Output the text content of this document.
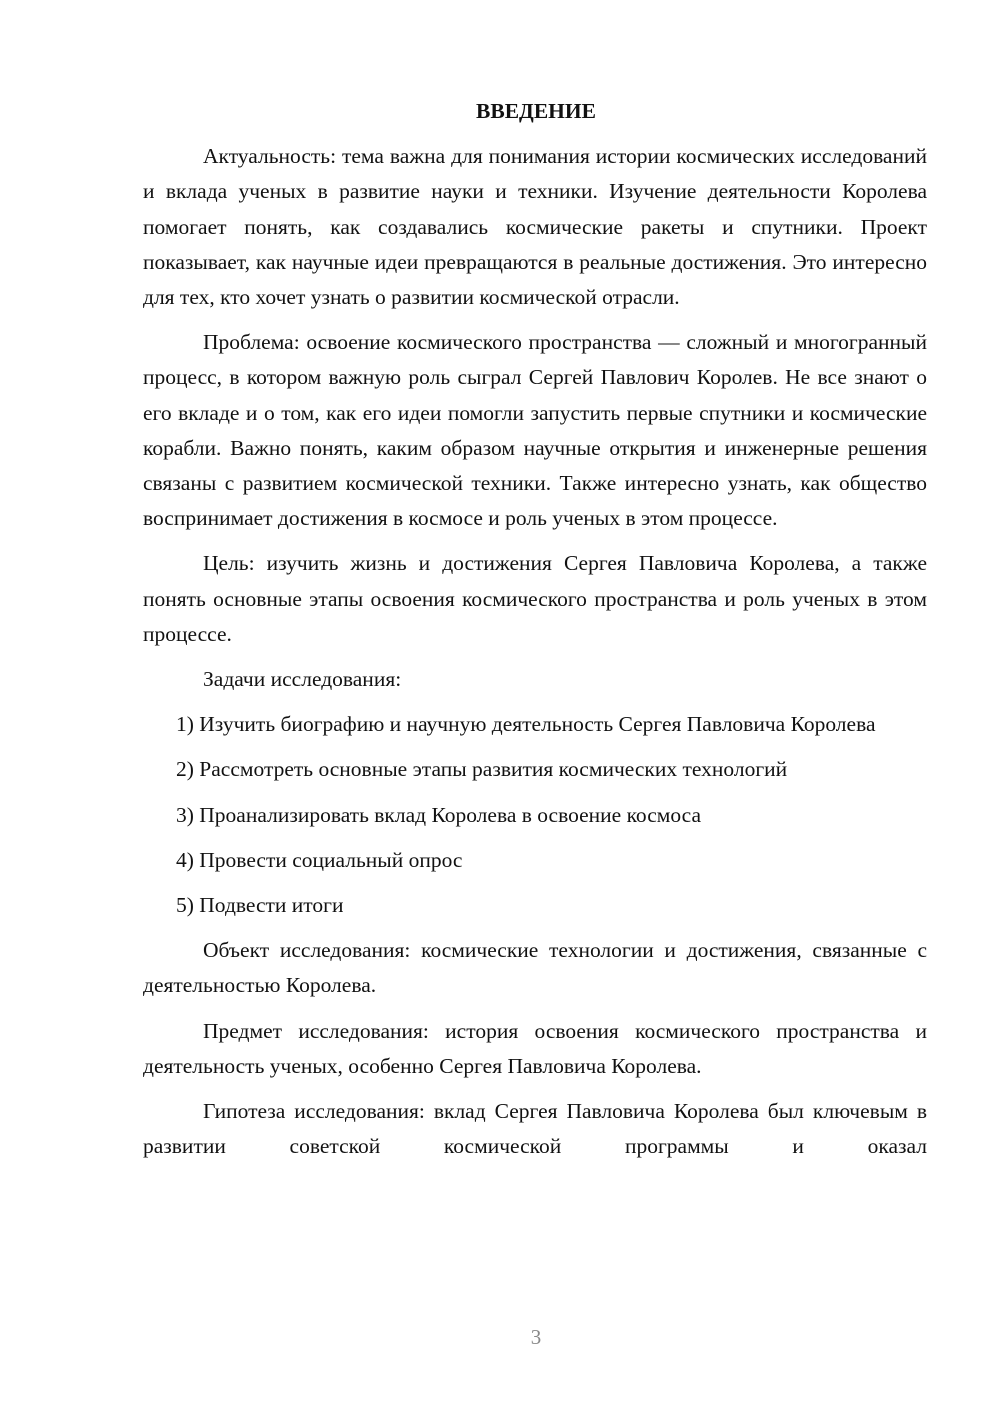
ВВЕДЕНИЕ

Актуальность: тема важна для понимания истории космических исследований и вклада ученых в развитие науки и техники. Изучение деятельности Королева помогает понять, как создавались космические ракеты и спутники. Проект показывает, как научные идеи превращаются в реальные достижения. Это интересно для тех, кто хочет узнать о развитии космической отрасли.

Проблема: освоение космического пространства — сложный и многогранный процесс, в котором важную роль сыграл Сергей Павлович Королев. Не все знают о его вкладе и о том, как его идеи помогли запустить первые спутники и космические корабли. Важно понять, каким образом научные открытия и инженерные решения связаны с развитием космической техники. Также интересно узнать, как общество воспринимает достижения в космосе и роль ученых в этом процессе.

Цель: изучить жизнь и достижения Сергея Павловича Королева, а также понять основные этапы освоения космического пространства и роль ученых в этом процессе.

Задачи исследования:

1) Изучить биографию и научную деятельность Сергея Павловича Королева

2) Рассмотреть основные этапы развития космических технологий

3) Проанализировать вклад Королева в освоение космоса

4) Провести социальный опрос

5) Подвести итоги

Объект исследования: космические технологии и достижения, связанные с деятельностью Королева.

Предмет исследования: история освоения космического пространства и деятельность ученых, особенно Сергея Павловича Королева.

Гипотеза исследования: вклад Сергея Павловича Королева был ключевым в развитии советской космической программы и оказал

3
